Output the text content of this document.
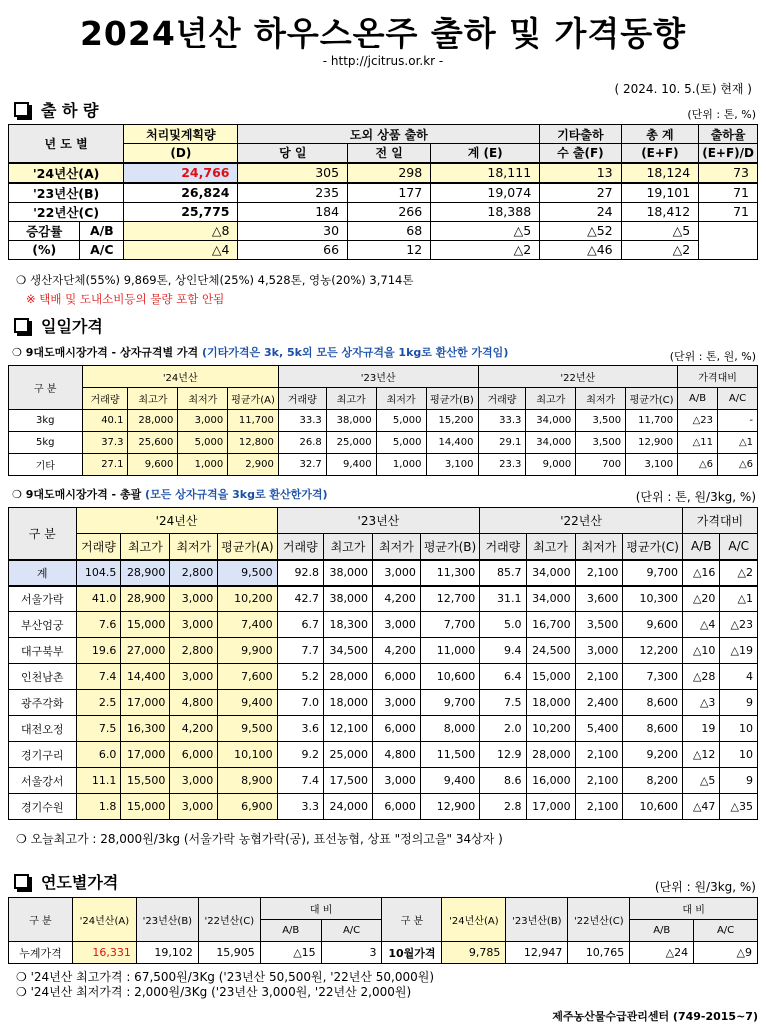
2024년산 하우스온주 출하 및 가격동향
- http://jcitrus.or.kr -
( 2024. 10. 5.(토) 현재 )
출 하 량	(단위 : 톤, %)
년 도 별		처리및계획량	도외 상품 출하			기타출하	총 계	출하율
		(D)	당 일	전 일	계 (E)	수 출(F)	(E+F)	(E+F)/D
'24년산(A)		24,766	305	298	18,111	13	18,124	73
'23년산(B)		26,824	235	177	19,074	27	19,101	71
'22년산(C)		25,775	184	266	18,388	24	18,412	71
증감률	A/B	△8	30	68	△5	△52	△5	
(%)	A/C	△4	66	12	△2	△46	△2	
❍ 생산자단체(55%) 9,869톤, 상인단체(25%) 4,528톤, 영농(20%) 3,714톤
※ 택배 및 도내소비등의 물량 포함 안됨
일일가격
❍ 9대도매시장가격 - 상자규격별 가격 (기타가격은 3k, 5k외 모든 상자규격을 1kg로 환산한 가격임)	(단위 : 톤, 원, %)
구 분	'24년산				'23년산				'22년산				가격대비	
	거래량	최고가	최저가	평균가(A)	거래량	최고가	최저가	평균가(B)	거래량	최고가	최저가	평균가(C)	A/B	A/C
3kg	40.1	28,000	3,000	11,700	33.3	38,000	5,000	15,200	33.3	34,000	3,500	11,700	△23	-
5kg	37.3	25,600	5,000	12,800	26.8	25,000	5,000	14,400	29.1	34,000	3,500	12,900	△11	△1
기타	27.1	9,600	1,000	2,900	32.7	9,400	1,000	3,100	23.3	9,000	700	3,100	△6	△6
❍ 9대도매시장가격 - 총괄 (모든 상자규격을 3kg로 환산한가격)	(단위 : 톤, 원/3kg, %)
구 분	'24년산				'23년산				'22년산				가격대비	
	거래량	최고가	최저가	평균가(A)	거래량	최고가	최저가	평균가(B)	거래량	최고가	최저가	평균가(C)	A/B	A/C
계	104.5	28,900	2,800	9,500	92.8	38,000	3,000	11,300	85.7	34,000	2,100	9,700	△16	△2
서울가락	41.0	28,900	3,000	10,200	42.7	38,000	4,200	12,700	31.1	34,000	3,600	10,300	△20	△1
부산엄궁	7.6	15,000	3,000	7,400	6.7	18,300	3,000	7,700	5.0	16,700	3,500	9,600	△4	△23
대구북부	19.6	27,000	2,800	9,900	7.7	34,500	4,200	11,000	9.4	24,500	3,000	12,200	△10	△19
인천남촌	7.4	14,400	3,000	7,600	5.2	28,000	6,000	10,600	6.4	15,000	2,100	7,300	△28	4
광주각화	2.5	17,000	4,800	9,400	7.0	18,000	3,000	9,700	7.5	18,000	2,400	8,600	△3	9
대전오정	7.5	16,300	4,200	9,500	3.6	12,100	6,000	8,000	2.0	10,200	5,400	8,600	19	10
경기구리	6.0	17,000	6,000	10,100	9.2	25,000	4,800	11,500	12.9	28,000	2,100	9,200	△12	10
서울강서	11.1	15,500	3,000	8,900	7.4	17,500	3,000	9,400	8.6	16,000	2,100	8,200	△5	9
경기수원	1.8	15,000	3,000	6,900	3.3	24,000	6,000	12,900	2.8	17,000	2,100	10,600	△47	△35
❍ 오늘최고가 : 28,000원/3kg (서울가락 농협가락(공), 표선농협, 상표 "정의고을" 34상자 )
연도별가격	(단위 : 원/3kg, %)
구 분	'24년산(A)	'23년산(B)	'22년산(C)	대 비		구 분	'24년산(A)	'23년산(B)	'22년산(C)	대 비	
				A/B	A/C					A/B	A/C
누계가격	16,331	19,102	15,905	△15	3	10월가격	9,785	12,947	10,765	△24	△9
❍ '24년산 최고가격 : 67,500원/3Kg ('23년산 50,500원, '22년산 50,000원)
❍ '24년산 최저가격 : 2,000원/3Kg ('23년산 3,000원, '22년산 2,000원)
제주농산물수급관리센터 (749-2015~7)
